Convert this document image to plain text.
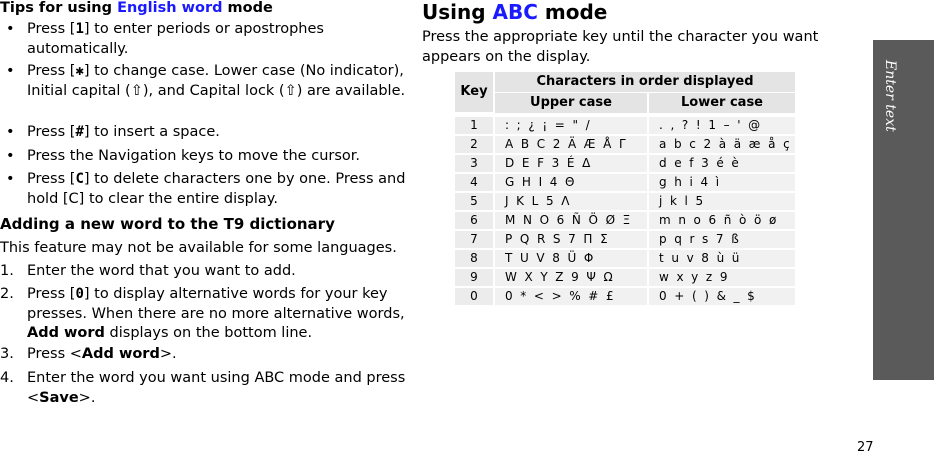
Tips for using English word mode
• Press [1] to enter periods or apostrophes automatically.
• Press [✱] to change case. Lower case (No indicator), Initial capital (⇧), and Capital lock (⇧) are available.
• Press [#] to insert a space.
• Press the Navigation keys to move the cursor.
• Press [C] to delete characters one by one. Press and hold [C] to clear the entire display.
Adding a new word to the T9 dictionary
This feature may not be available for some languages.
1. Enter the word that you want to add.
2. Press [0] to display alternative words for your key presses. When there are no more alternative words, Add word displays on the bottom line.
3. Press <Add word>.
4. Enter the word you want using ABC mode and press <Save>.
Using ABC mode
Press the appropriate key until the character you want appears on the display.
Key
Characters in order displayed
Upper case	Lower case
1	:  ;  ¿  ¡  =  "  /	.  ,  ?  !  1  –  '  @
2	A  B  C  2  Ä  Æ  Å  Γ	a  b  c  2  à  ä  æ  å  ç
3	D  E  F  3  É  Δ	d  e  f  3  é  è
4	G  H  I  4  Θ	g  h  i  4  ì
5	J  K  L  5  Λ	j  k  l  5
6	M  N  O  6  Ñ  Ö  Ø  Ξ	m  n  o  6  ñ  ò  ö  ø
7	P  Q  R  S  7  Π  Σ	p  q  r  s  7  ß
8	T  U  V  8  Ü  Φ	t  u  v  8  ù  ü
9	W  X  Y  Z  9  Ψ  Ω	w  x  y  z  9
0	0  *  <  >  %  #  £	0  +  (  )  &  _  $
Enter text
27
